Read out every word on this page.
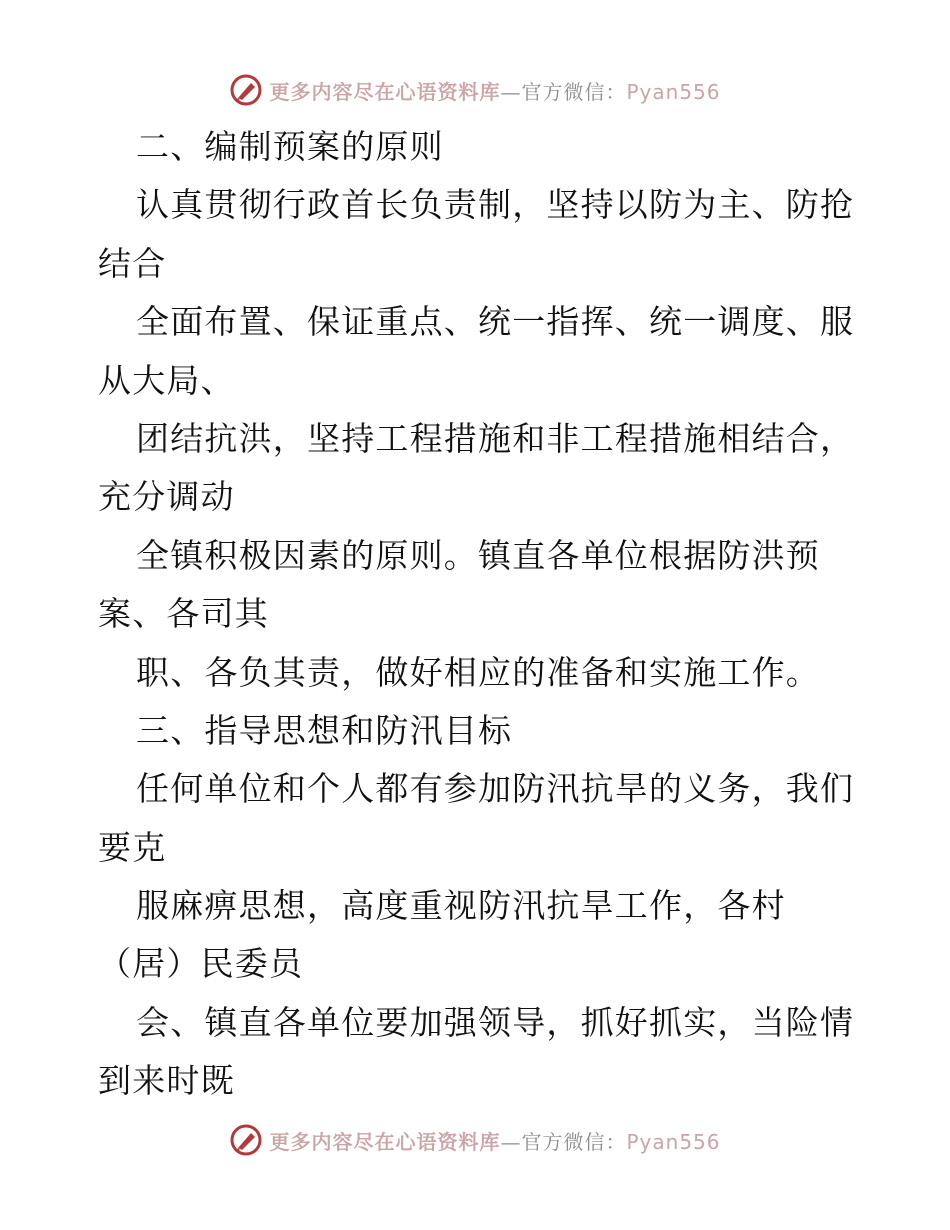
更多内容尽在心语资料库—官方微信：Pyan556
二、编制预案的原则
认真贯彻行政首长负责制，坚持以防为主、防抢
结合
全面布置、保证重点、统一指挥、统一调度、服
从大局、
团结抗洪，坚持工程措施和非工程措施相结合，
充分调动
全镇积极因素的原则。镇直各单位根据防洪预
案、各司其
职、各负其责，做好相应的准备和实施工作。
三、指导思想和防汛目标
任何单位和个人都有参加防汛抗旱的义务，我们
要克
服麻痹思想，高度重视防汛抗旱工作，各村
（居）民委员
会、镇直各单位要加强领导，抓好抓实，当险情
到来时既
更多内容尽在心语资料库—官方微信：Pyan556
